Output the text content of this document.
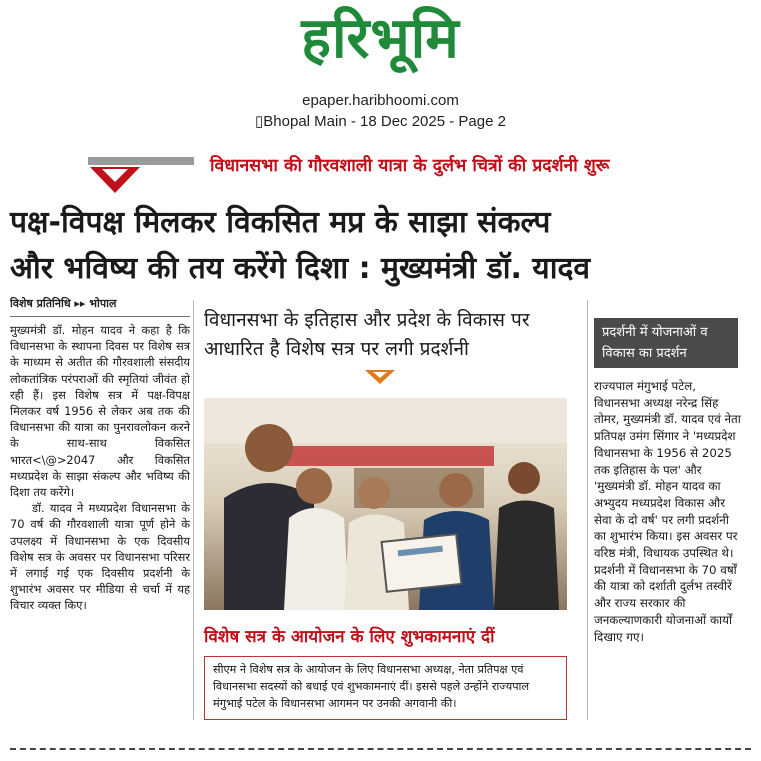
हरिभूमि
epaper.haribhoomi.com
▯Bhopal Main - 18 Dec 2025 - Page 2
विधानसभा की गौरवशाली यात्रा के दुर्लभ चित्रों की प्रदर्शनी शुरू
पक्ष-विपक्ष मिलकर विकसित मप्र के साझा संकल्प
और भविष्य की तय करेंगे दिशा : मुख्यमंत्री डॉ. यादव
विशेष प्रतिनिधि ▸▸ भोपाल

मुख्यमंत्री डॉ. मोहन यादव ने कहा है कि विधानसभा के स्थापना दिवस पर विशेष सत्र के माध्यम से अतीत की गौरवशाली संसदीय लोकतांत्रिक परंपराओं की स्मृतियां जीवंत हो रही हैं। इस विशेष सत्र में पक्ष-विपक्ष मिलकर वर्ष 1956 से लेकर अब तक की विधानसभा की यात्रा का पुनरावलोकन करने के साथ-साथ विकसित भारत<\@>2047 और विकसित मध्यप्रदेश के साझा संकल्प और भविष्य की दिशा तय करेंगे।

डॉ. यादव ने मध्यप्रदेश विधानसभा के 70 वर्ष की गौरवशाली यात्रा पूर्ण होने के उपलक्ष्य में विधानसभा के एक दिवसीय विशेष सत्र के अवसर पर विधानसभा परिसर में लगाई गई एक दिवसीय प्रदर्शनी के शुभारंभ अवसर पर मीडिया से चर्चा में यह विचार व्यक्त किए।

विधानसभा के इतिहास और प्रदेश के विकास पर आधारित है विशेष सत्र पर लगी प्रदर्शनी
विशेष सत्र के आयोजन के लिए शुभकामनाएं दीं
सीएम ने विशेष सत्र के आयोजन के लिए विधानसभा अध्यक्ष, नेता प्रतिपक्ष एवं विधानसभा सदस्यों को बधाई एवं शुभकामनाएं दीं। इससे पहले उन्होंने राज्यपाल मंगुभाई पटेल के विधानसभा आगमन पर उनकी अगवानी की।
प्रदर्शनी में योजनाओं व विकास का प्रदर्शन

राज्यपाल मंगुभाई पटेल, विधानसभा अध्यक्ष नरेन्द्र सिंह तोमर, मुख्यमंत्री डॉ. यादव एवं नेता प्रतिपक्ष उमंग सिंगार ने 'मध्यप्रदेश विधानसभा के 1956 से 2025 तक इतिहास के पल' और 'मुख्यमंत्री डॉ. मोहन यादव का अभ्युदय मध्यप्रदेश विकास और सेवा के दो वर्ष' पर लगी प्रदर्शनी का शुभारंभ किया। इस अवसर पर वरिष्ठ मंत्री, विधायक उपस्थित थे।

प्रदर्शनी में विधानसभा के 70 वर्षों की यात्रा को दर्शाती दुर्लभ तस्वीरें और राज्य सरकार की जनकल्याणकारी योजनाओं कार्यों दिखाए गए।
